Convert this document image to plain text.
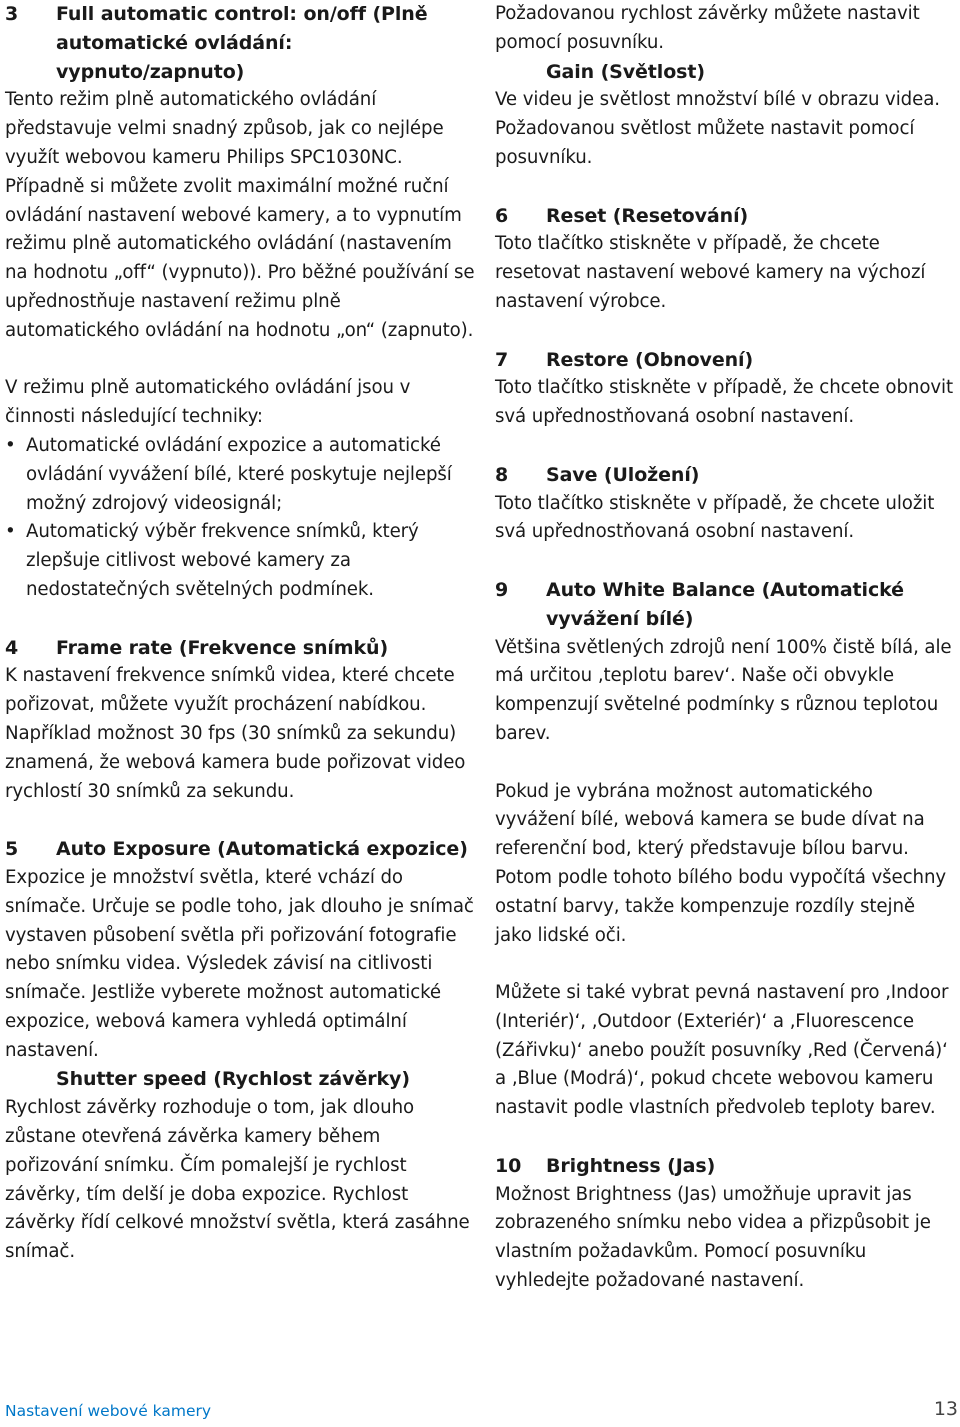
3	Full automatic control: on/off (Plně automatické ovládání: vypnuto/zapnuto)

Tento režim plně automatického ovládání představuje velmi snadný způsob, jak co nejlépe využít webovou kameru Philips SPC1030NC. Případně si můžete zvolit maximální možné ruční ovládání nastavení webové kamery, a to vypnutím režimu plně automatického ovládání (nastavením na hodnotu „off“ (vypnuto)). Pro běžné používání se upřednostňuje nastavení režimu plně automatického ovládání na hodnotu „on“ (zapnuto).

V režimu plně automatického ovládání jsou v činnosti následující techniky:

• Automatické ovládání expozice a automatické ovládání vyvážení bílé, které poskytuje nejlepší možný zdrojový videosignál;
• Automatický výběr frekvence snímků, který zlepšuje citlivost webové kamery za nedostatečných světelných podmínek.
4	Frame rate (Frekvence snímků)

K nastavení frekvence snímků videa, které chcete pořizovat, můžete využít procházení nabídkou. Například možnost 30 fps (30 snímků za sekundu) znamená, že webová kamera bude pořizovat video rychlostí 30 snímků za sekundu.

5	Auto Exposure (Automatická expozice)

Expozice je množství světla, které vchází do snímače. Určuje se podle toho, jak dlouho je snímač vystaven působení světla při pořizování fotografie nebo snímku videa. Výsledek závisí na citlivosti snímače. Jestliže vyberete možnost automatické expozice, webová kamera vyhledá optimální nastavení.

Shutter speed (Rychlost závěrky)

Rychlost závěrky rozhoduje o tom, jak dlouho zůstane otevřená závěrka kamery během pořizování snímku. Čím pomalejší je rychlost závěrky, tím delší je doba expozice. Rychlost závěrky řídí celkové množství světla, která zasáhne snímač.

Požadovanou rychlost závěrky můžete nastavit pomocí posuvníku.

Gain (Světlost)

Ve videu je světlost množství bílé v obrazu videa. Požadovanou světlost můžete nastavit pomocí posuvníku.

6	Reset (Resetování)

Toto tlačítko stiskněte v případě, že chcete resetovat nastavení webové kamery na výchozí nastavení výrobce.

7	Restore (Obnovení)

Toto tlačítko stiskněte v případě, že chcete obnovit svá upřednostňovaná osobní nastavení.

8	Save (Uložení)

Toto tlačítko stiskněte v případě, že chcete uložit svá upřednostňovaná osobní nastavení.

9	Auto White Balance (Automatické vyvážení bílé)

Většina světlených zdrojů není 100% čistě bílá, ale má určitou ‚teplotu barev‘. Naše oči obvykle kompenzují světelné podmínky s různou teplotou barev.

Pokud je vybrána možnost automatického vyvážení bílé, webová kamera se bude dívat na referenční bod, který představuje bílou barvu. Potom podle tohoto bílého bodu vypočítá všechny ostatní barvy, takže kompenzuje rozdíly stejně jako lidské oči.

Můžete si také vybrat pevná nastavení pro ‚Indoor (Interiér)‘, ‚Outdoor (Exteriér)‘ a ‚Fluorescence (Zářivku)‘ anebo použít posuvníky ‚Red (Červená)‘ a ‚Blue (Modrá)‘, pokud chcete webovou kameru nastavit podle vlastních předvoleb teploty barev.

10	Brightness (Jas)

Možnost Brightness (Jas) umožňuje upravit jas zobrazeného snímku nebo videa a přizpůsobit je vlastním požadavkům. Pomocí posuvníku vyhledejte požadované nastavení.

Nastavení webové kamery	13
